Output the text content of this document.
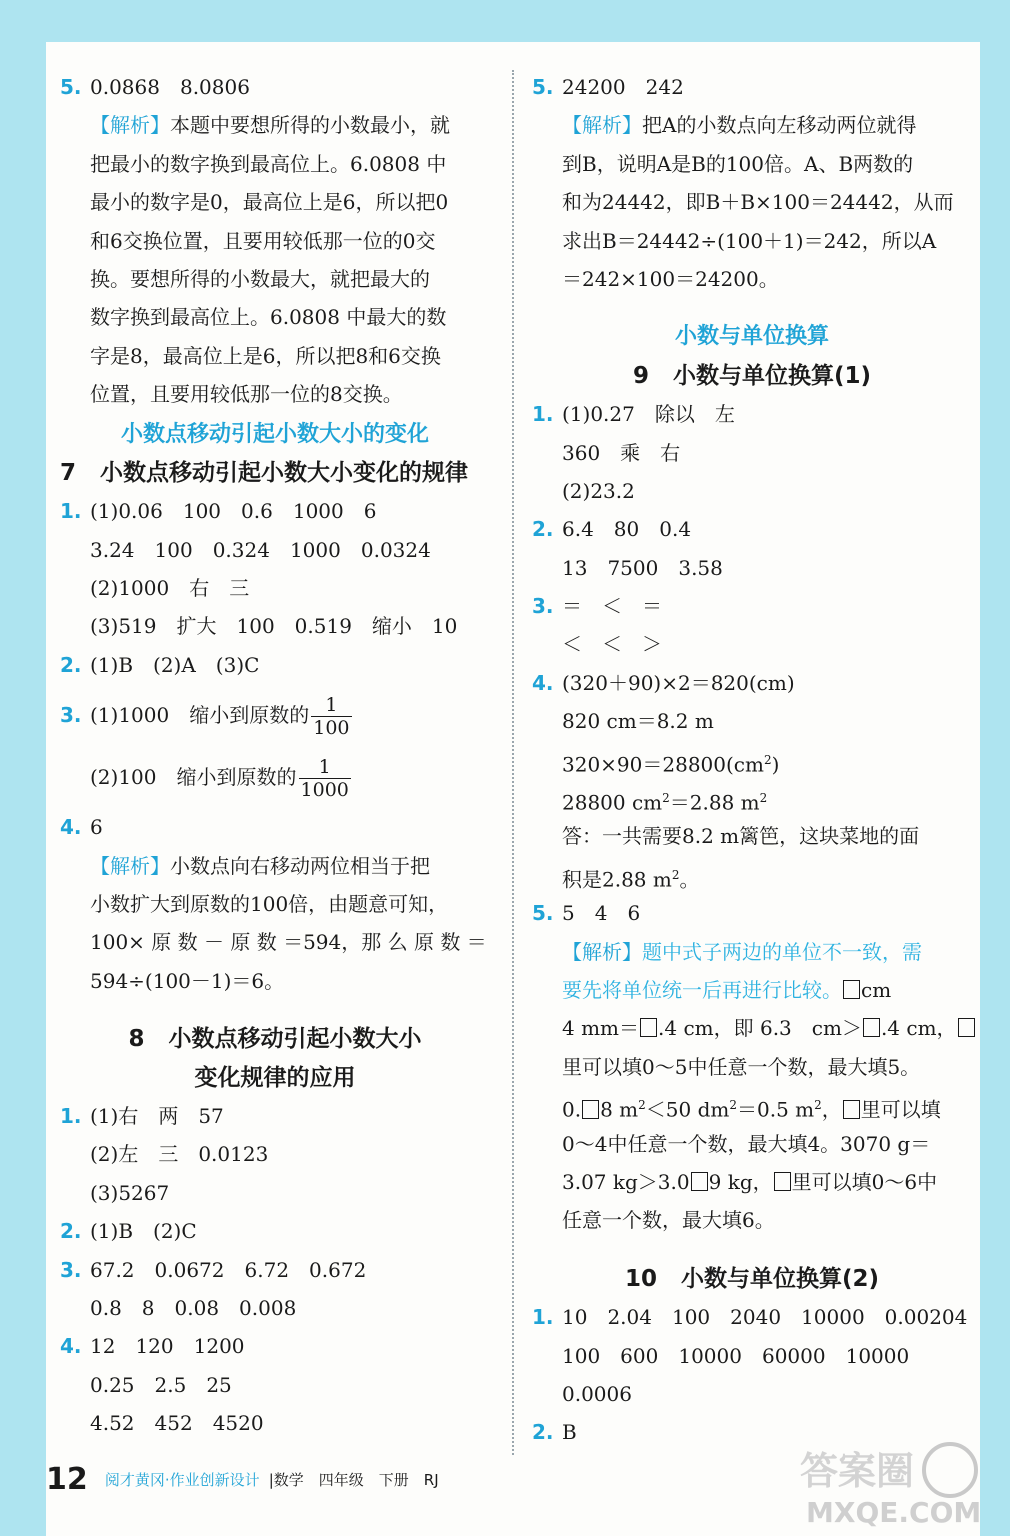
5. 0.0868　8.0806
【解析】本题中要想所得的小数最小，就
把最小的数字换到最高位上。6.0808 中
最小的数字是0，最高位上是6，所以把0
和6交换位置，且要用较低那一位的0交
换。要想所得的小数最大，就把最大的
数字换到最高位上。6.0808 中最大的数
字是8，最高位上是6，所以把8和6交换
位置，且要用较低那一位的8交换。
小数点移动引起小数大小的变化
7 小数点移动引起小数大小变化的规律
1. (1)0.06　100　0.6　1000　6
3.24　100　0.324　1000　0.0324
(2)1000　右　三
(3)519　扩大　100　0.519　缩小　10
2. (1)B　(2)A　(3)C
3. (1)1000　缩小到原数的 $\frac{1}{100}$
(2)100　缩小到原数的 $\frac{1}{1000}$
4. 6
【解析】小数点向右移动两位相当于把
小数扩大到原数的100倍，由题意可知，
100× 原 数 － 原 数 ＝594，那 么 原 数 ＝
594÷(100－1)＝6。
8 小数点移动引起小数大小
变化规律的应用
1. (1)右　两　57
(2)左　三　0.0123
(3)5267
2. (1)B　(2)C
3. 67.2　0.0672　6.72　0.672
0.8　8　0.08　0.008
4. 12　120　1200
0.25　2.5　25
4.52　452　4520
5. 24200　242
【解析】把A的小数点向左移动两位就得
到B，说明A是B的100倍。A、B两数的
和为24442，即B＋B×100＝24442，从而
求出B＝24442÷(100＋1)＝242，所以A
＝242×100＝24200。
小数与单位换算
9 小数与单位换算(1)
1. (1)0.27　除以　左
360　乘　右
(2)23.2
2. 6.4　80　0.4
13　7500　3.58
3. ＝　＜　＝
＜　＜　＞
4. (320＋90)×2＝820(cm)
820 cm＝8.2 m
$320\times 90=28800(cm^2)$
28800 $cm^2=2.88$ $m^2$
答：一共需要8.2 m篱笆，这块菜地的面
积是2.88 $m^2$。
5. 5　4　6
【解析】题中式子两边的单位不一致，需
要先将单位统一后再进行比较。 cm
4 mm＝ .4 cm，即 6.3　cm＞ .4 cm，
里可以填0～5中任意一个数，最大填5。
0. 8 $m^2<50$ $dm^2=0.5$ $m^2$， 里可以填
0～4中任意一个数，最大填4。3070 g＝
3.07 kg＞3.0 9 kg， 里可以填0～6中
任意一个数，最大填6。
10 小数与单位换算(2)
1. 10　2.04　100　2040　10000　0.00204
100　600　10000　60000　10000
0.0006
2. B
12 阅才黄冈·作业创新设计 |数学　四年级　下册　RJ	答案圈
MXQE.COM
